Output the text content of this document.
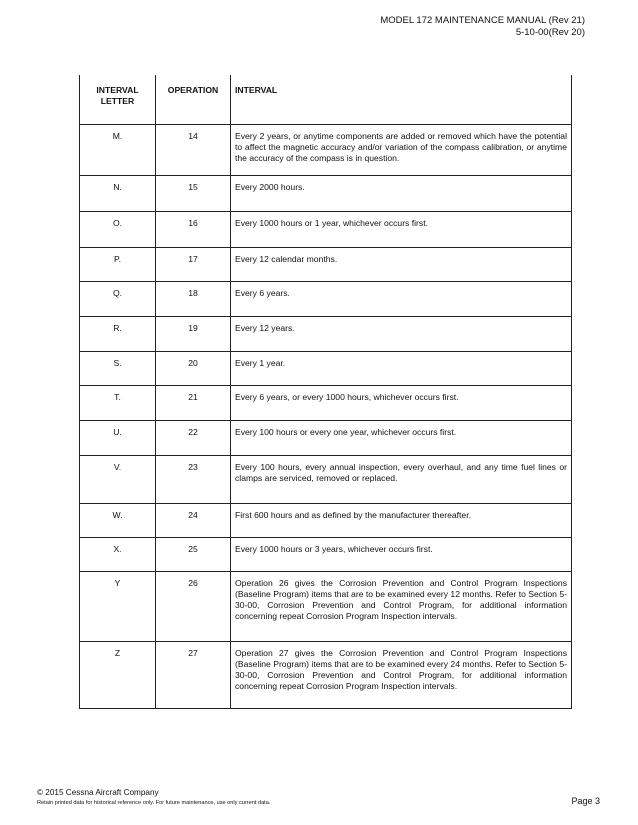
MODEL 172 MAINTENANCE MANUAL (Rev 21)
5-10-00(Rev 20)
INTERVAL LETTER	OPERATION	INTERVAL
M.	14	Every 2 years, or anytime components are added or removed which have the potential to affect the magnetic accuracy and/or variation of the compass calibration, or anytime the accuracy of the compass is in question.
N.	15	Every 2000 hours.
O.	16	Every 1000 hours or 1 year, whichever occurs first.
P.	17	Every 12 calendar months.
Q.	18	Every 6 years.
R.	19	Every 12 years.
S.	20	Every 1 year.
T.	21	Every 6 years, or every 1000 hours, whichever occurs first.
U.	22	Every 100 hours or every one year, whichever occurs first.
V.	23	Every 100 hours, every annual inspection, every overhaul, and any time fuel lines or clamps are serviced, removed or replaced.
W.	24	First 600 hours and as defined by the manufacturer thereafter.
X.	25	Every 1000 hours or 3 years, whichever occurs first.
Y	26	Operation 26 gives the Corrosion Prevention and Control Program Inspections (Baseline Program) items that are to be examined every 12 months. Refer to Section 5-30-00, Corrosion Prevention and Control Program, for additional information concerning repeat Corrosion Program Inspection intervals.
Z	27	Operation 27 gives the Corrosion Prevention and Control Program Inspections (Baseline Program) items that are to be examined every 24 months. Refer to Section 5-30-00, Corrosion Prevention and Control Program, for additional information concerning repeat Corrosion Program Inspection intervals.
© 2015 Cessna Aircraft Company
Retain printed data for historical reference only. For future maintenance, use only current data.	Page 3
